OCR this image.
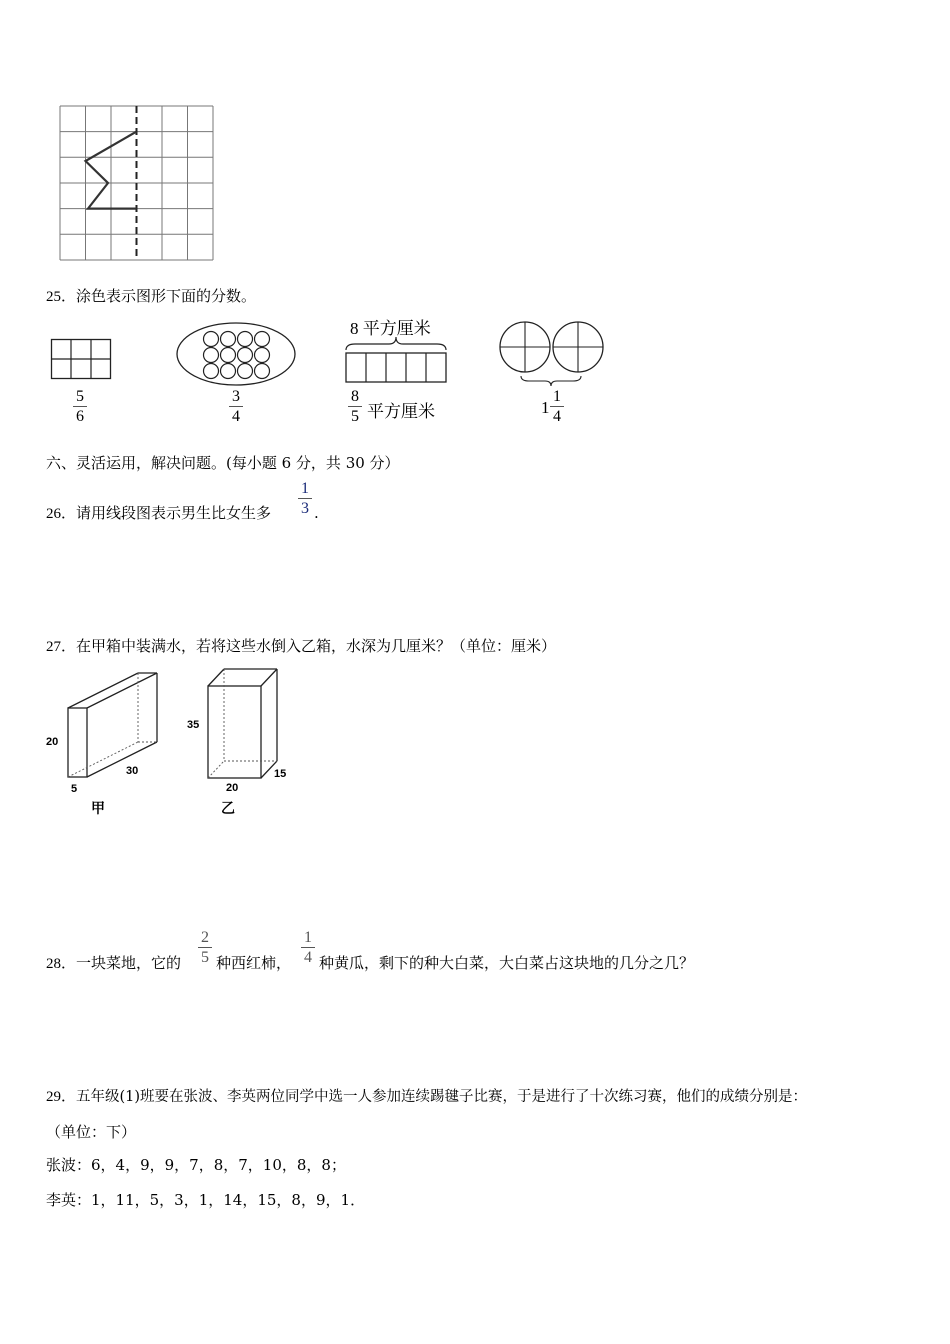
25．涂色表示图形下面的分数。
5
6
3
4
8 平方厘米
8
5 平方厘米	1
1
4
六、灵活运用，解决问题。(每小题 6 分，共 30 分）
26．请用线段图表示男生比女生多
1
3 .
27．在甲箱中装满水，若将这些水倒入乙箱，水深为几厘米？（单位：厘米）
20
30
5
甲
35
15
20
乙
28．一块菜地，它的
2
5 种西红柿，
1
4 种黄瓜，剩下的种大白菜，大白菜占这块地的几分之几？
29．五年级(1)班要在张波、李英两位同学中选一人参加连续踢毽子比赛，于是进行了十次练习赛，他们的成绩分别是：
（单位：下）
张波：6，4，9，9，7，8，7，10，8，8；
李英：1，11，5，3，1，14，15，8，9，1．
